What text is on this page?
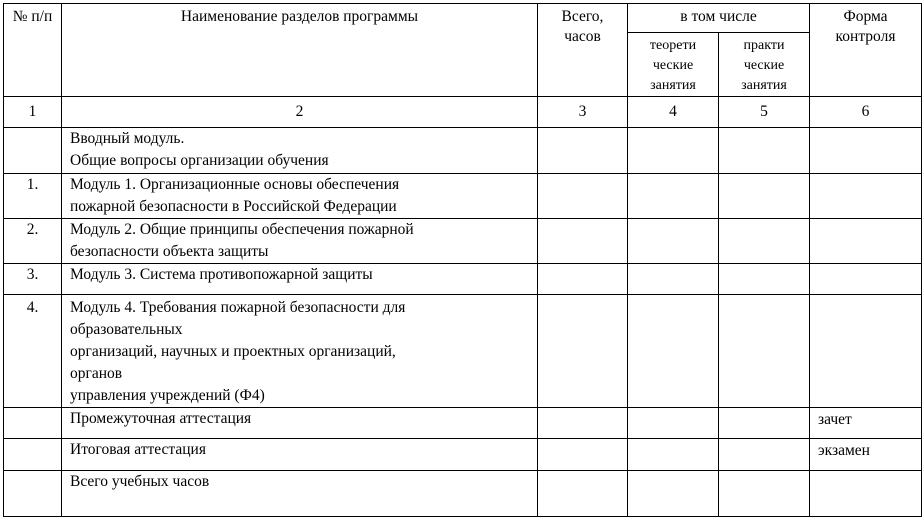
№ п/п	Наименование разделов программы	Всего, часов	в том числе		Форма контроля
			теорети ческие занятия	практи ческие занятия	
1	2	3	4	5	6

	Вводный модуль.
Общие вопросы организации обучения				

1.	Модуль 1. Организационные основы обеспечения
пожарной безопасности в Российской Федерации				

2.	Модуль 2. Общие принципы обеспечения пожарной
безопасности объекта защиты				

3.	Модуль 3. Система противопожарной защиты				

4.	Модуль 4. Требования пожарной безопасности для
образовательных
организаций, научных и проектных организаций,
органов
управления учреждений (Ф4)				

	Промежуточная аттестация				зачет

	Итоговая аттестация				экзамен

	Всего учебных часов				
